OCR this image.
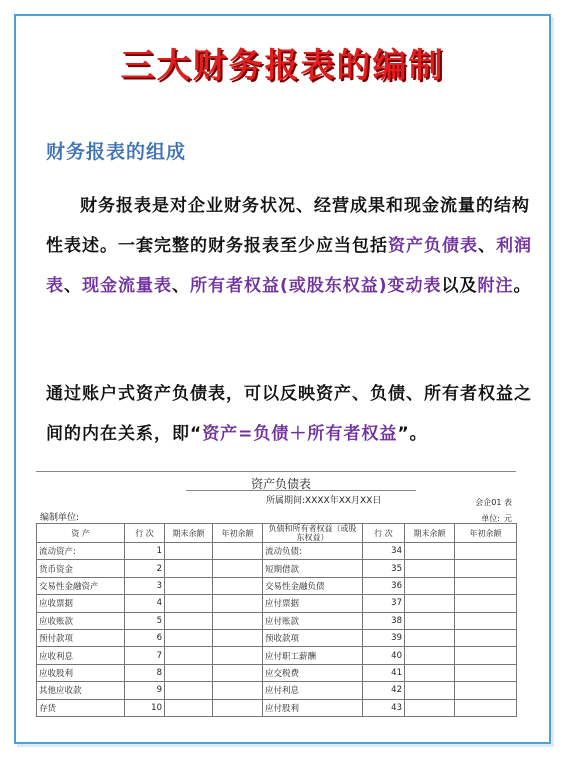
三大财务报表的编制
财务报表的组成
财务报表是对企业财务状况、经营成果和现金流量的结构性表述。一套完整的财务报表至少应当包括资产负债表、利润表、现金流量表、所有者权益(或股东权益)变动表以及附注。
通过账户式资产负债表，可以反映资产、负债、所有者权益之间的内在关系，即“资产=负债＋所有者权益”。
资产负债表
所属期间:XXXX年XX月XX日	会企01 表
编制单位:	单位: 元
资 产	行 次	期末余额	年初余额	负债和所有者权益（或股东权益）	行 次	期末余额	年初余额
流动资产:	1			流动负债:	34		
货币资金	2			短期借款	35		
交易性金融资产	3			交易性金融负债	36		
应收票据	4			应付票据	37		
应收账款	5			应付账款	38		
预付款项	6			预收款项	39		
应收利息	7			应付职工薪酬	40		
应收股利	8			应交税费	41		
其他应收款	9			应付利息	42		
存货	10			应付股利	43		
